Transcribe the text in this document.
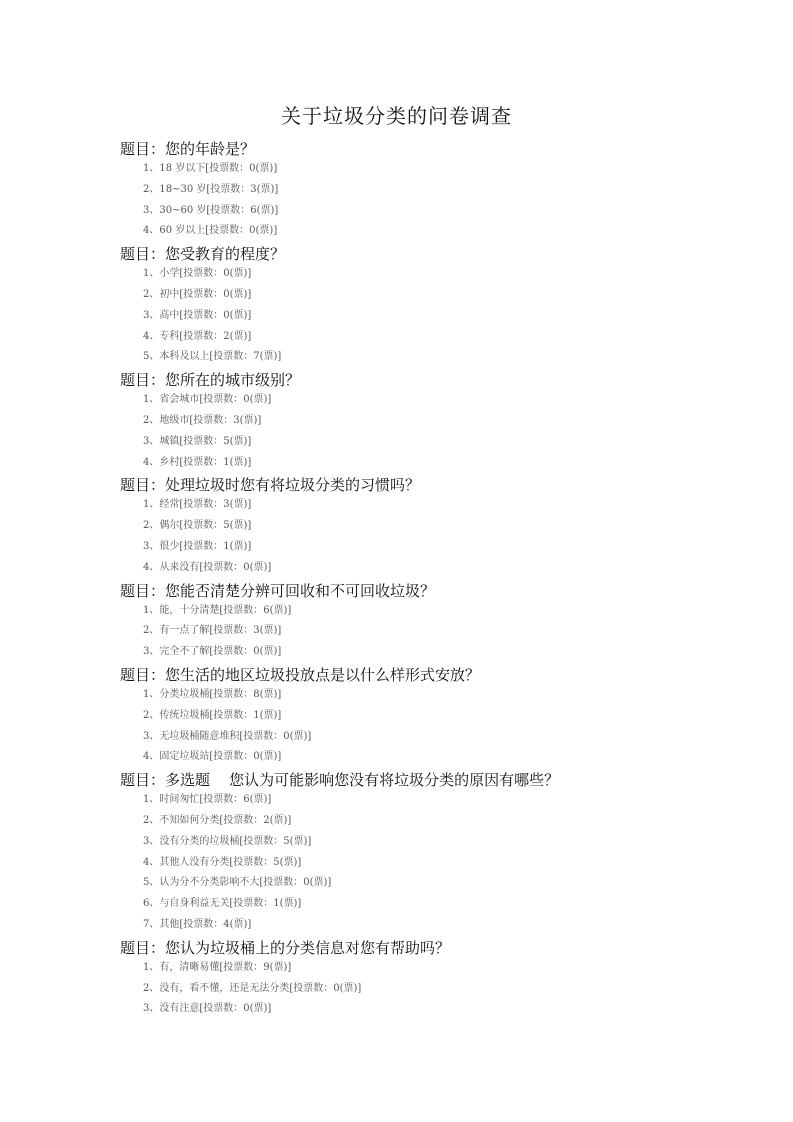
关于垃圾分类的问卷调查
题目：您的年龄是？
1、18 岁以下[投票数：0(票)]
2、18~30 岁[投票数：3(票)]
3、30~60 岁[投票数：6(票)]
4、60 岁以上[投票数：0(票)]
题目：您受教育的程度？
1、小学[投票数：0(票)]
2、初中[投票数：0(票)]
3、高中[投票数：0(票)]
4、专科[投票数：2(票)]
5、本科及以上[投票数：7(票)]
题目：您所在的城市级别？
1、省会城市[投票数：0(票)]
2、地级市[投票数：3(票)]
3、城镇[投票数：5(票)]
4、乡村[投票数：1(票)]
题目：处理垃圾时您有将垃圾分类的习惯吗？
1、经常[投票数：3(票)]
2、偶尔[投票数：5(票)]
3、很少[投票数：1(票)]
4、从来没有[投票数：0(票)]
题目：您能否清楚分辨可回收和不可回收垃圾？
1、能，十分清楚[投票数：6(票)]
2、有一点了解[投票数：3(票)]
3、完全不了解[投票数：0(票)]
题目：您生活的地区垃圾投放点是以什么样形式安放？
1、分类垃圾桶[投票数：8(票)]
2、传统垃圾桶[投票数：1(票)]
3、无垃圾桶随意堆积[投票数：0(票)]
4、固定垃圾站[投票数：0(票)]
题目：多选题    您认为可能影响您没有将垃圾分类的原因有哪些？
1、时间匆忙[投票数：6(票)]
2、不知如何分类[投票数：2(票)]
3、没有分类的垃圾桶[投票数：5(票)]
4、其他人没有分类[投票数：5(票)]
5、认为分不分类影响不大[投票数：0(票)]
6、与自身利益无关[投票数：1(票)]
7、其他[投票数：4(票)]
题目：您认为垃圾桶上的分类信息对您有帮助吗？
1、有，清晰易懂[投票数：9(票)]
2、没有，看不懂，还是无法分类[投票数：0(票)]
3、没有注意[投票数：0(票)]
